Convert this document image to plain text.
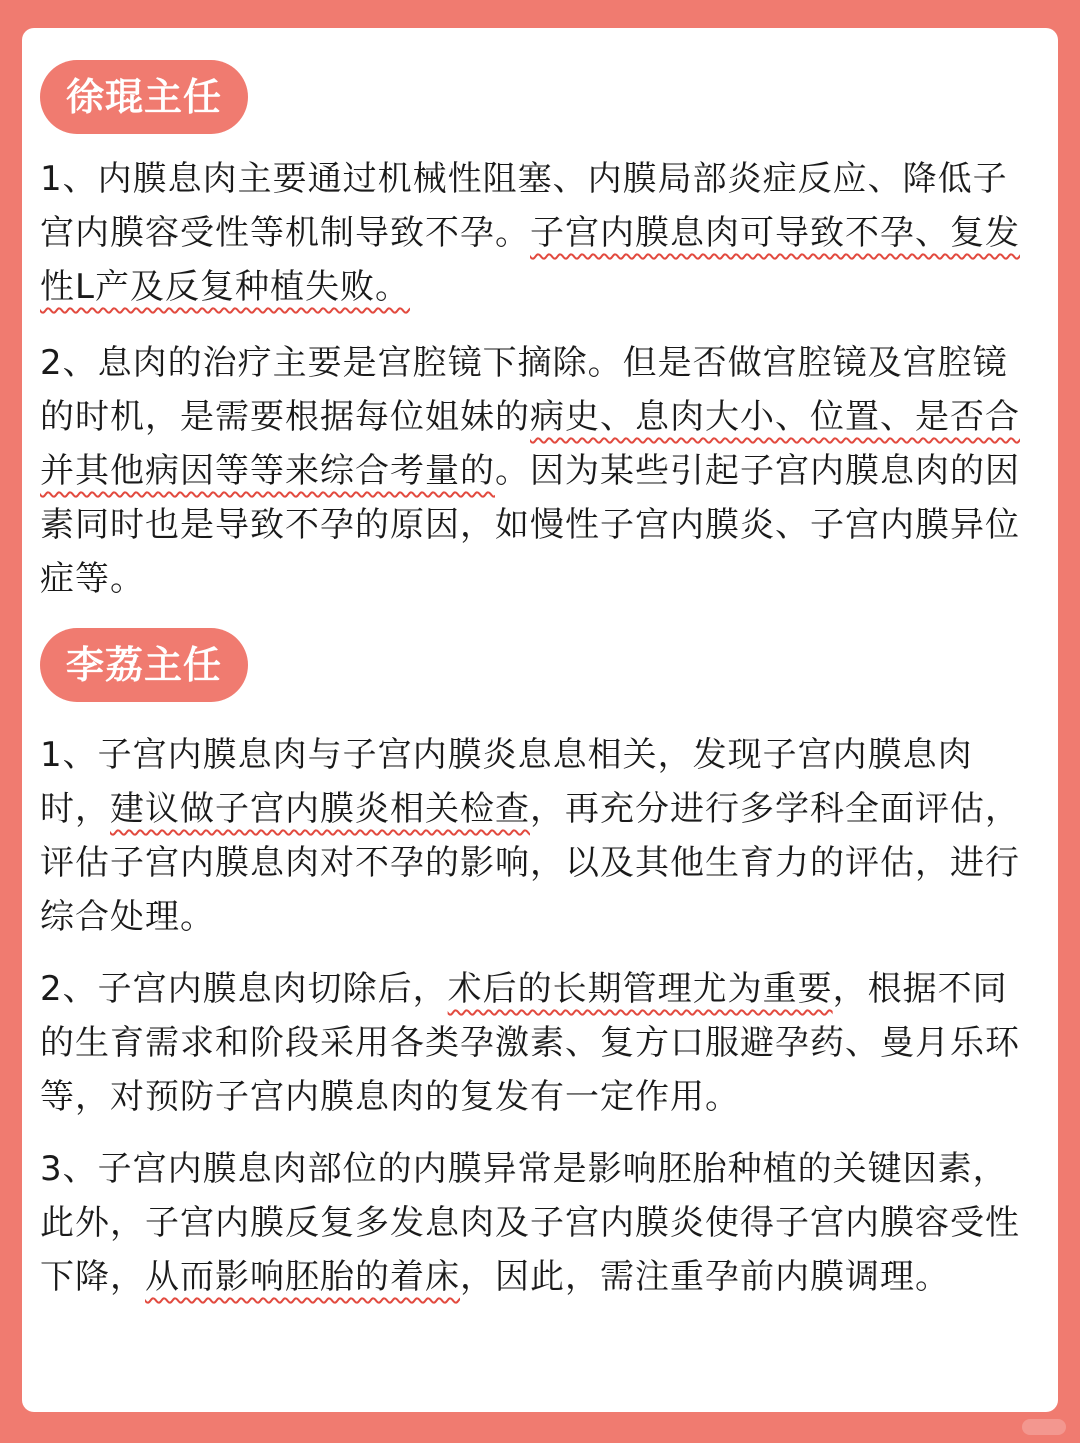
徐琨主任
1、内膜息肉主要通过机械性阻塞、内膜局部炎症反应、降低子宫内膜容受性等机制导致不孕。子宫内膜息肉可导致不孕、复发性L产及反复种植失败。
2、息肉的治疗主要是宫腔镜下摘除。但是否做宫腔镜及宫腔镜的时机，是需要根据每位姐妹的病史、息肉大小、位置、是否合并其他病因等等来综合考量的。因为某些引起子宫内膜息肉的因素同时也是导致不孕的原因，如慢性子宫内膜炎、子宫内膜异位症等。
李荔主任
1、子宫内膜息肉与子宫内膜炎息息相关，发现子宫内膜息肉时，建议做子宫内膜炎相关检查，再充分进行多学科全面评估，评估子宫内膜息肉对不孕的影响，以及其他生育力的评估，进行综合处理。
2、子宫内膜息肉切除后，术后的长期管理尤为重要，根据不同的生育需求和阶段采用各类孕激素、复方口服避孕药、曼月乐环等，对预防子宫内膜息肉的复发有一定作用。
3、子宫内膜息肉部位的内膜异常是影响胚胎种植的关键因素，此外，子宫内膜反复多发息肉及子宫内膜炎使得子宫内膜容受性下降，从而影响胚胎的着床，因此，需注重孕前内膜调理。
